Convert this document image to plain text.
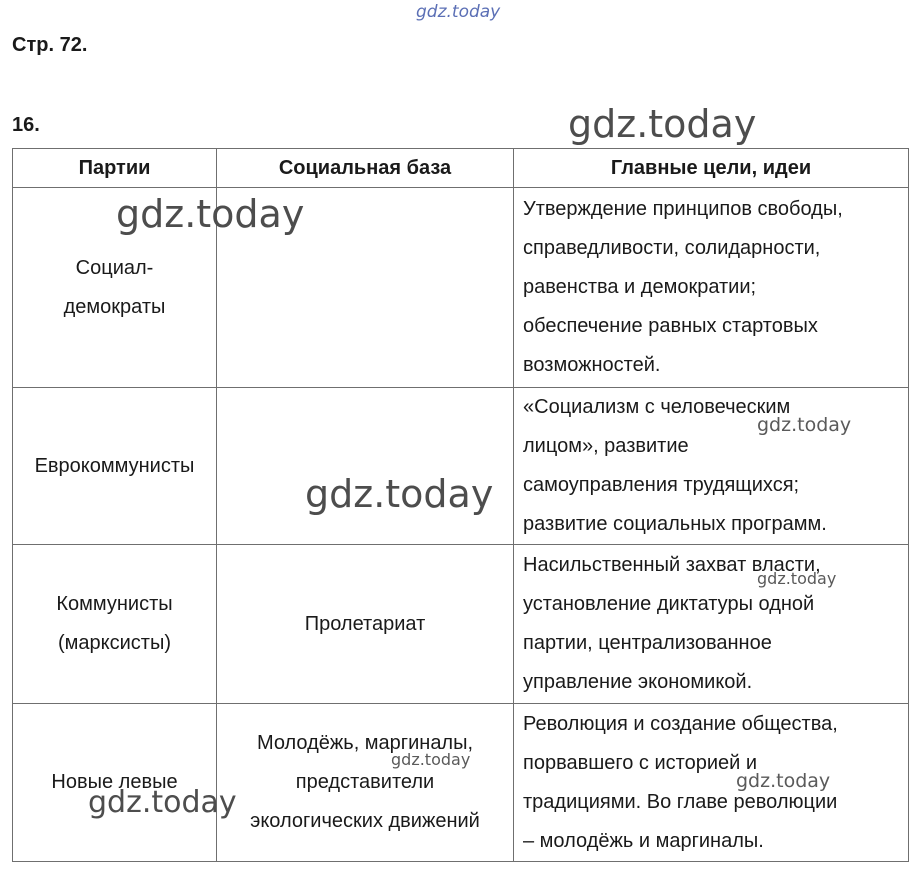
Стр. 72.
16.
Партии	Социальная база	Главные цели, идеи

Социал-
демократы		Утверждение принципов свободы,
справедливости, солидарности,
равенства и демократии;
обеспечение равных стартовых
возможностей.

Еврокоммунисты		«Социализм с человеческим
лицом», развитие
самоуправления трудящихся;
развитие социальных программ.

Коммунисты
(марксисты)	Пролетариат	Насильственный захват власти,
установление диктатуры одной
партии, централизованное
управление экономикой.

Новые левые	Молодёжь, маргиналы,
представители
экологических движений	Революция и создание общества,
порвавшего с историей и
традициями. Во главе революции
– молодёжь и маргиналы.
gdz.today
gdz.today
gdz.today
gdz.today
gdz.today
gdz.today
gdz.today
gdz.today
gdz.today
